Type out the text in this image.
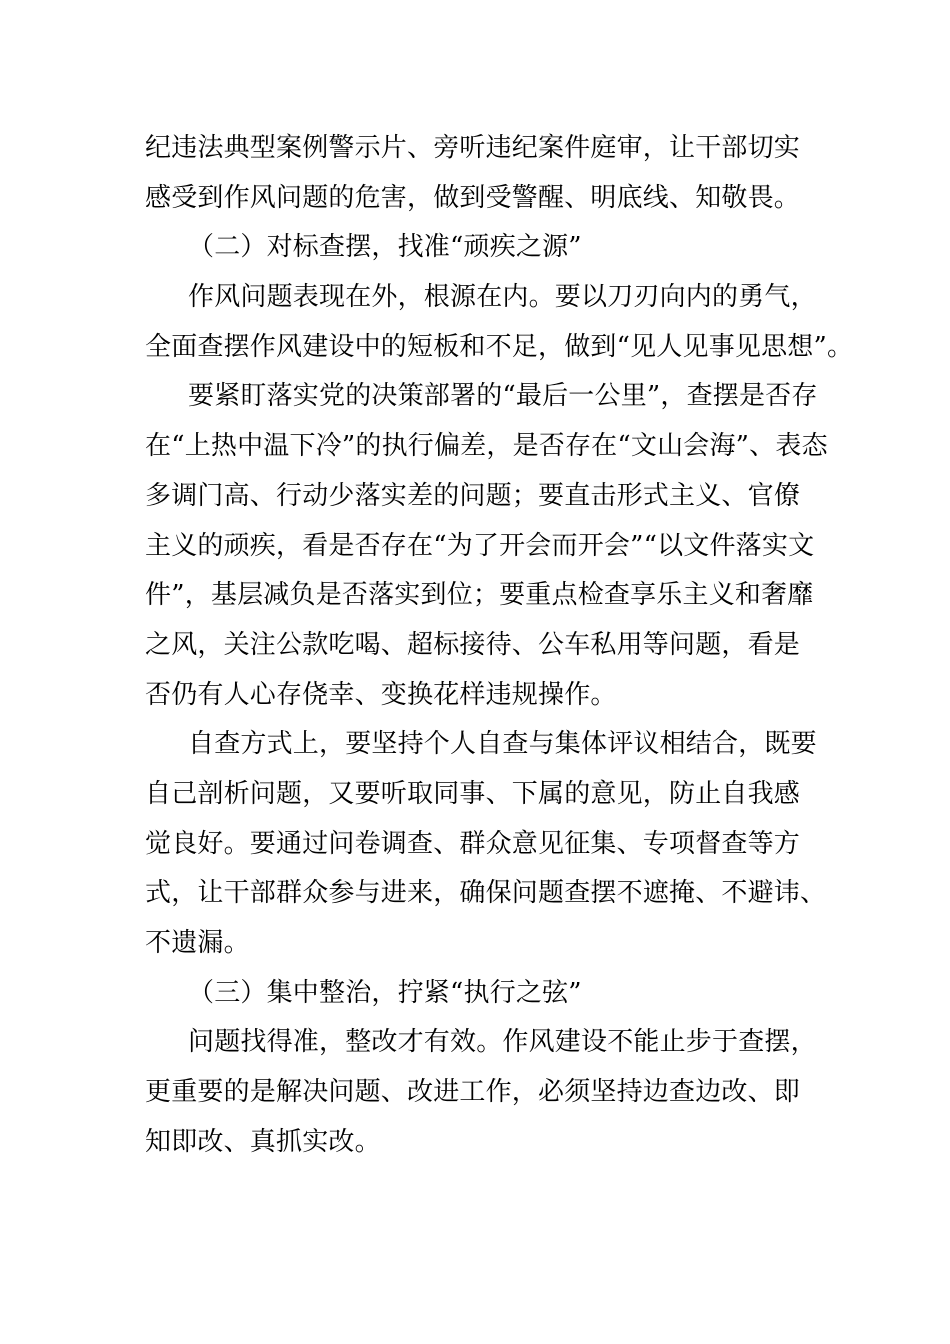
纪违法典型案例警示片、旁听违纪案件庭审，让干部切实
感受到作风问题的危害，做到受警醒、明底线、知敬畏。
（二）对标查摆，找准“顽疾之源”
作风问题表现在外，根源在内。要以刀刃向内的勇气，
全面查摆作风建设中的短板和不足，做到“见人见事见思想”。
要紧盯落实党的决策部署的“最后一公里”，查摆是否存
在“上热中温下冷”的执行偏差，是否存在“文山会海”、表态
多调门高、行动少落实差的问题；要直击形式主义、官僚
主义的顽疾，看是否存在“为了开会而开会”“以文件落实文
件”，基层减负是否落实到位；要重点检查享乐主义和奢靡
之风，关注公款吃喝、超标接待、公车私用等问题，看是
否仍有人心存侥幸、变换花样违规操作。
自查方式上，要坚持个人自查与集体评议相结合，既要
自己剖析问题，又要听取同事、下属的意见，防止自我感
觉良好。要通过问卷调查、群众意见征集、专项督查等方
式，让干部群众参与进来，确保问题查摆不遮掩、不避讳、
不遗漏。
（三）集中整治，拧紧“执行之弦”
问题找得准，整改才有效。作风建设不能止步于查摆，
更重要的是解决问题、改进工作，必须坚持边查边改、即
知即改、真抓实改。
